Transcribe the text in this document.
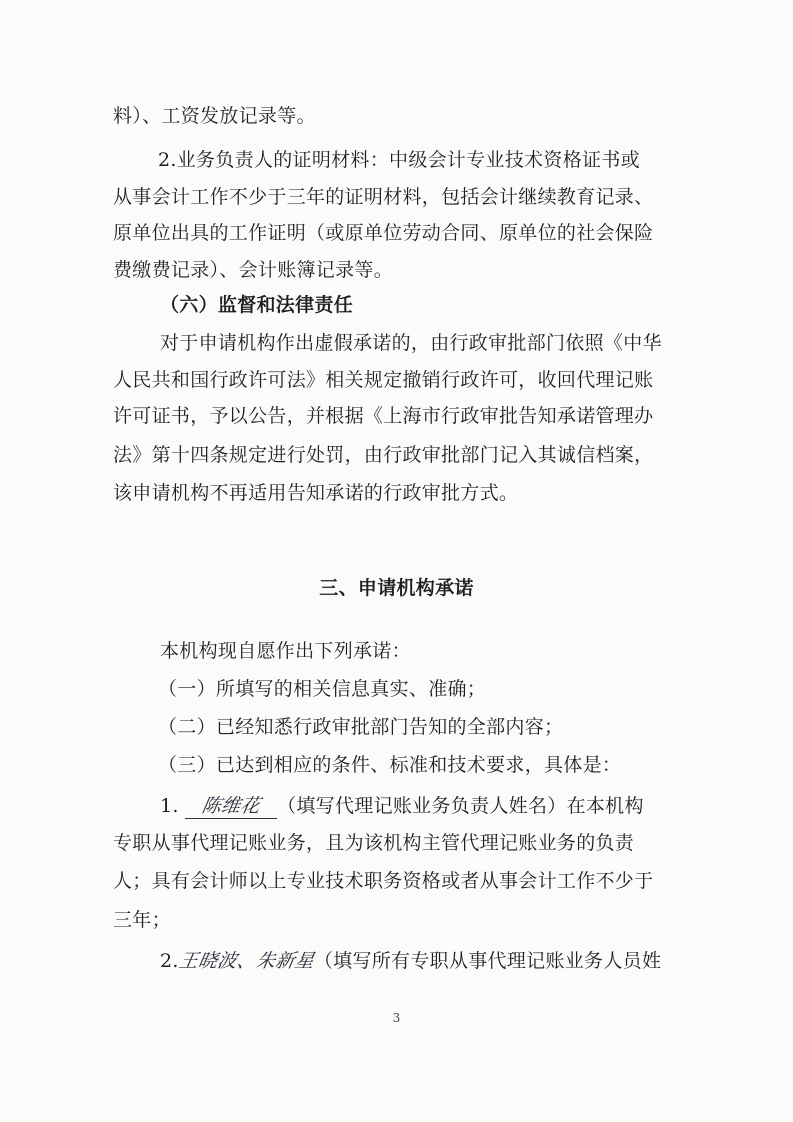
料）、工资发放记录等。
2.业务负责人的证明材料：中级会计专业技术资格证书或
从事会计工作不少于三年的证明材料，包括会计继续教育记录、
原单位出具的工作证明（或原单位劳动合同、原单位的社会保险
费缴费记录）、会计账簿记录等。
（六）监督和法律责任
对于申请机构作出虚假承诺的，由行政审批部门依照《中华
人民共和国行政许可法》相关规定撤销行政许可，收回代理记账
许可证书，予以公告，并根据《上海市行政审批告知承诺管理办
法》第十四条规定进行处罚，由行政审批部门记入其诚信档案，
该申请机构不再适用告知承诺的行政审批方式。
三、申请机构承诺
本机构现自愿作出下列承诺：
（一）所填写的相关信息真实、准确；
（二）已经知悉行政审批部门告知的全部内容；
（三）已达到相应的条件、标准和技术要求，具体是：
1. 陈维花 （填写代理记账业务负责人姓名）在本机构
专职从事代理记账业务，且为该机构主管代理记账业务的负责
人；具有会计师以上专业技术职务资格或者从事会计工作不少于
三年；
2.王晓波、朱新星（填写所有专职从事代理记账业务人员姓
3
